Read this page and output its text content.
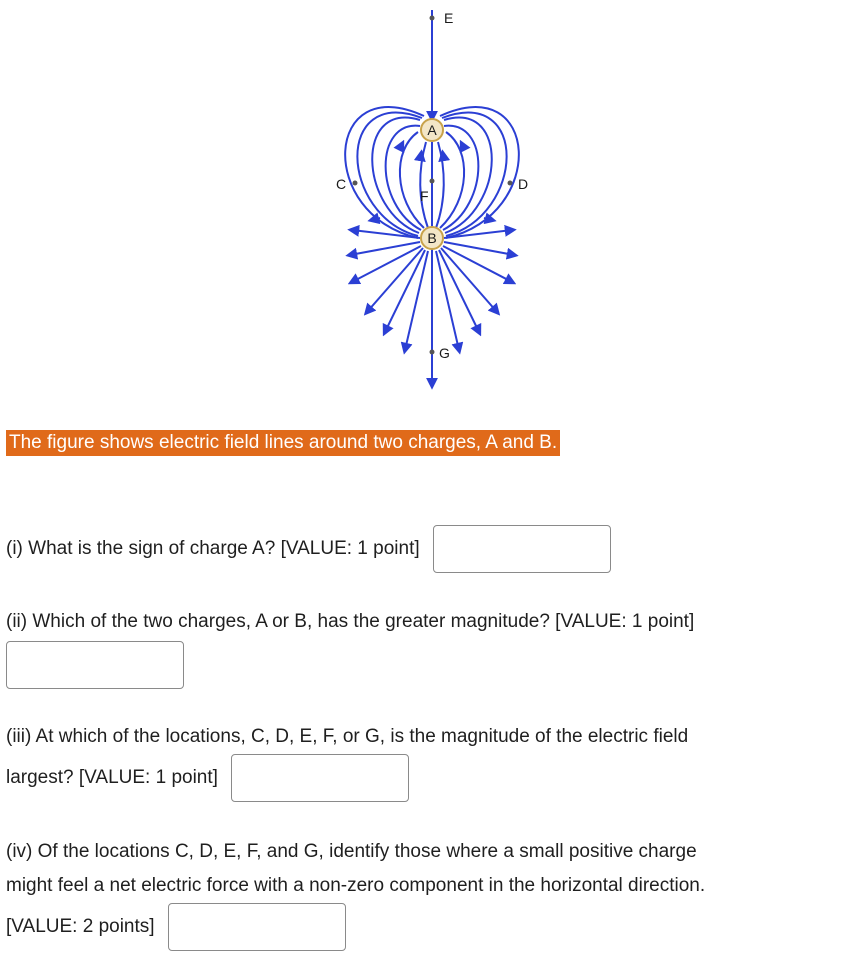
E
A
C
F
D
B
G
The figure shows electric field lines around two charges, A and B.
(i) What is the sign of charge A? [VALUE: 1 point]
(ii) Which of the two charges, A or B, has the greater magnitude? [VALUE: 1 point]
(iii) At which of the locations, C, D, E, F, or G, is the magnitude of the electric field
largest? [VALUE: 1 point]
(iv) Of the locations C, D, E, F, and G, identify those where a small positive charge
might feel a net electric force with a non-zero component in the horizontal direction.
[VALUE: 2 points]
